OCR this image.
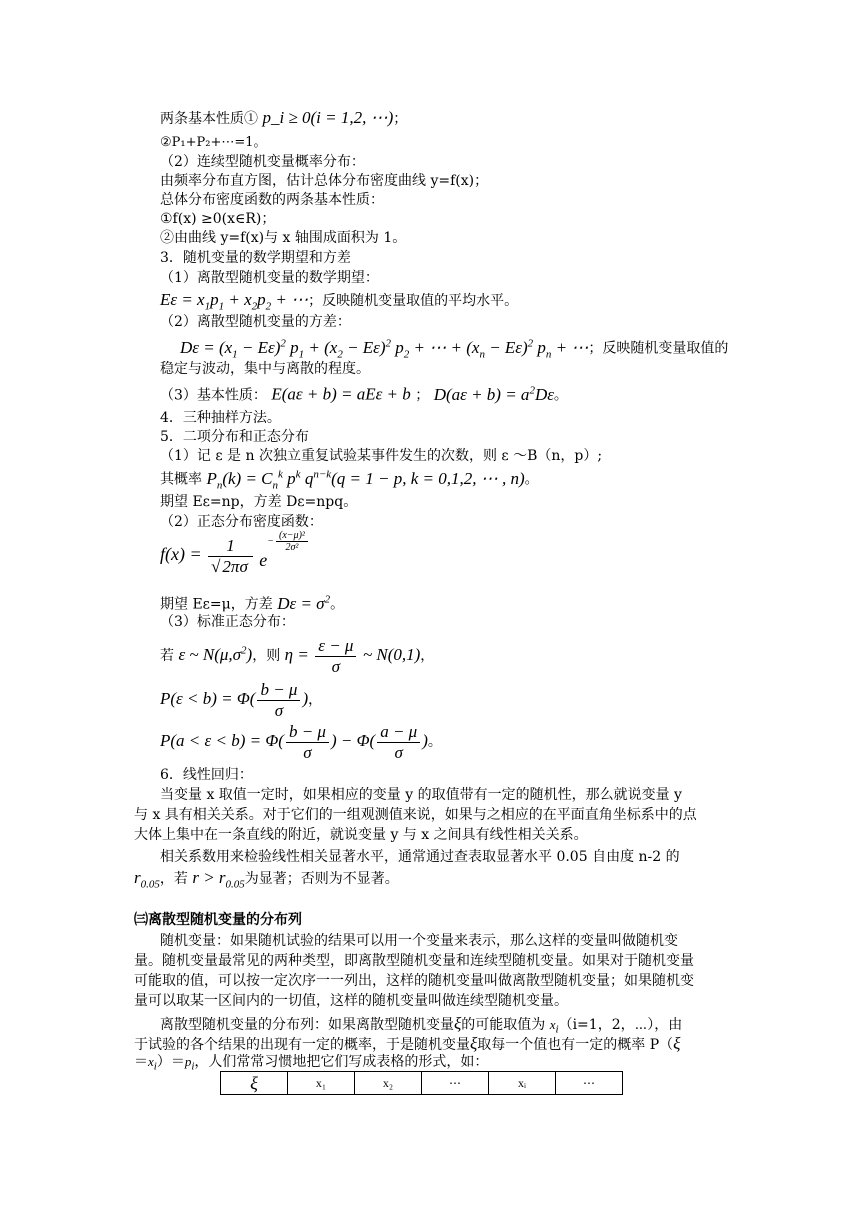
两条基本性质① p_i ≥ 0(i = 1,2, ⋯)；
②P₁+P₂+⋯=1。
（2）连续型随机变量概率分布：
由频率分布直方图，估计总体分布密度曲线 y=f(x)；
总体分布密度函数的两条基本性质：
①f(x) ≥0(x∈R)；
②由曲线 y=f(x)与 x 轴围成面积为 1。
3．随机变量的数学期望和方差
（1）离散型随机变量的数学期望：
$E\varepsilon = x_1p_1 + x_2p_2$ + ⋯；反映随机变量取值的平均水平。
（2）离散型随机变量的方差：
$D\varepsilon = (x_1 - E\varepsilon)^2$ $p_1 + (x_2 - E\varepsilon)^2$ $p_2$ + ⋯ + $(x_n - E\varepsilon)^2$ $p_n$ + ⋯；反映随机变量取值的
稳定与波动，集中与离散的程度。
（3）基本性质： E(aε + b) = aEε + b ； $D(a\varepsilon + b) = a^2D\varepsilon$。
4．三种抽样方法。
5．二项分布和正态分布
（1）记 ε 是 n 次独立重复试验某事件发生的次数，则 ε ～B（n，p）;
其概率 $P_n(k) = C_n^k$ $p^k$ $q^{n-k}(q = 1 - p$, k = 0,1,2, ⋯ , n)。
期望 Eε=np，方差 Dε=npq。
（2）正态分布密度函数：
$f(x) = \frac{1}{√ 2\pi\sigma} e^{- \frac{\text{(x−μ)²}}{\text{2σ²}}}$
期望 Eε=μ，方差 $D\varepsilon = \sigma^2$。
（3）标准正态分布：
若 ε ~ $N(\mu,\sigma^2)$，则 $\eta = \frac{\varepsilon - \mu}{\sigma}$ ~ N(0,1)，
$P(\varepsilon < b) = \Phi( \frac{b - \mu}{\sigma}$ )，
$P(a < \varepsilon < b) = \Phi( \frac{b - \mu}{\sigma}$ ) − $\Phi( \frac{a - \mu}{\sigma}$ )。
6．线性回归：
当变量 x 取值一定时，如果相应的变量 y 的取值带有一定的随机性，那么就说变量 y
与 x 具有相关关系。对于它们的一组观测值来说，如果与之相应的在平面直角坐标系中的点
大体上集中在一条直线的附近，就说变量 y 与 x 之间具有线性相关关系。
相关系数用来检验线性相关显著水平，通常通过查表取显著水平 0.05 自由度 n-2 的
$r_{0.05}$，若 $r > r_{0.05}$为显著；否则为不显著。
㈢离散型随机变量的分布列
随机变量：如果随机试验的结果可以用一个变量来表示，那么这样的变量叫做随机变
量。随机变量最常见的两种类型，即离散型随机变量和连续型随机变量。如果对于随机变量
可能取的值，可以按一定次序一一列出，这样的随机变量叫做离散型随机变量；如果随机变
量可以取某一区间内的一切值，这样的随机变量叫做连续型随机变量。
离散型随机变量的分布列：如果离散型随机变量ξ的可能取值为 $x_i(i=1$，2，⋯），由
于试验的各个结果的出现有一定的概率，于是随机变量ξ取每一个值也有一定的概率 P（ξ
$=x_i)=p_i$，人们常常习惯地把它们写成表格的形式，如：
ξ	x₁	x₂	⋯	xᵢ	⋯
